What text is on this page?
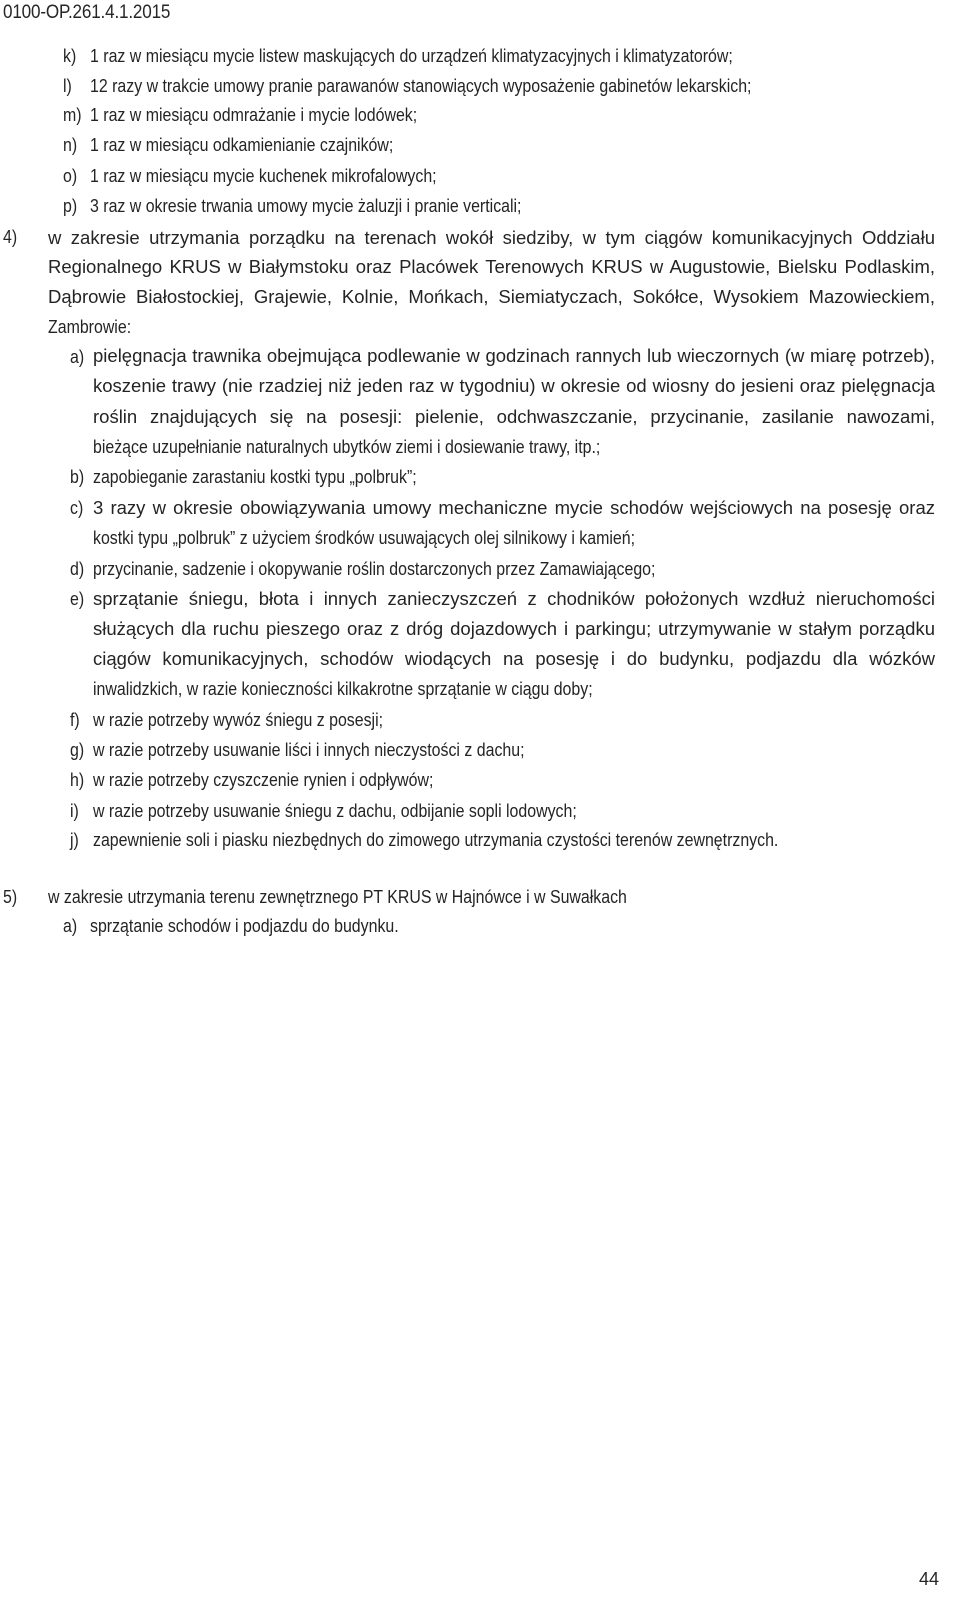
0100-OP.261.4.1.2015
k) 1 raz w miesiącu mycie listew maskujących do urządzeń klimatyzacyjnych i klimatyzatorów;
l) 12 razy w trakcie umowy pranie parawanów stanowiących wyposażenie gabinetów lekarskich;
m) 1 raz w miesiącu odmrażanie i mycie lodówek;
n) 1 raz w miesiącu odkamienianie czajników;
o) 1 raz w miesiącu mycie kuchenek mikrofalowych;
p) 3 raz w okresie trwania umowy mycie żaluzji i pranie verticali;
4) w zakresie utrzymania porządku na terenach wokół siedziby, w tym ciągów komunikacyjnych Oddziału
Regionalnego KRUS w Białymstoku oraz Placówek Terenowych KRUS w Augustowie, Bielsku Podlaskim,
Dąbrowie Białostockiej, Grajewie, Kolnie, Mońkach, Siemiatyczach, Sokółce, Wysokiem Mazowieckiem,
Zambrowie:
a) pielęgnacja trawnika obejmująca podlewanie w godzinach rannych lub wieczornych (w miarę potrzeb),
koszenie trawy (nie rzadziej niż jeden raz w tygodniu) w okresie od wiosny do jesieni oraz pielęgnacja
roślin znajdujących się na posesji: pielenie, odchwaszczanie, przycinanie, zasilanie nawozami,
bieżące uzupełnianie naturalnych ubytków ziemi i dosiewanie trawy, itp.;
b) zapobieganie zarastaniu kostki typu „polbruk”;
c) 3 razy w okresie obowiązywania umowy mechaniczne mycie schodów wejściowych na posesję oraz
kostki typu „polbruk” z użyciem środków usuwających olej silnikowy i kamień;
d) przycinanie, sadzenie i okopywanie roślin dostarczonych przez Zamawiającego;
e) sprzątanie śniegu, błota i innych zanieczyszczeń z chodników położonych wzdłuż nieruchomości
służących dla ruchu pieszego oraz z dróg dojazdowych i parkingu; utrzymywanie w stałym porządku
ciągów komunikacyjnych, schodów wiodących na posesję i do budynku, podjazdu dla wózków
inwalidzkich, w razie konieczności kilkakrotne sprzątanie w ciągu doby;
f) w razie potrzeby wywóz śniegu z posesji;
g) w razie potrzeby usuwanie liści i innych nieczystości z dachu;
h) w razie potrzeby czyszczenie rynien i odpływów;
i) w razie potrzeby usuwanie śniegu z dachu, odbijanie sopli lodowych;
j) zapewnienie soli i piasku niezbędnych do zimowego utrzymania czystości terenów zewnętrznych.
5) w zakresie utrzymania terenu zewnętrznego PT KRUS w Hajnówce i w Suwałkach
a) sprzątanie schodów i podjazdu do budynku.
44
